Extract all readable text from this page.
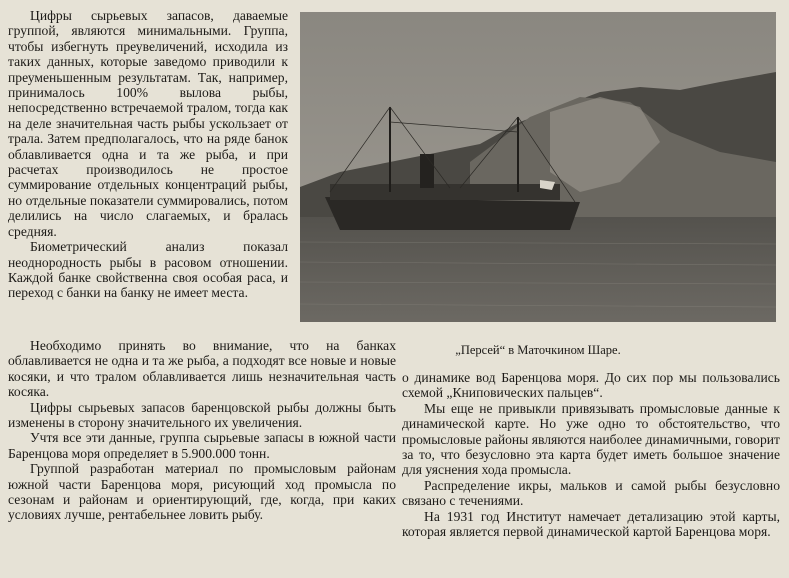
Цифры сырьевых запасов, даваемые группой, являются минимальными. Группа, чтобы избегнуть преувеличений, исходила из таких данных, которые заведомо приводили к преуменьшенным результатам. Так, например, принималось 100% вылова рыбы, непосредственно встречаемой тралом, тогда как на деле значительная часть рыбы ускользает от трала. Затем предполагалось, что на ряде банок облавливается одна и та же рыба, и при расчетах производилось не простое суммирование отдельных концентраций рыбы, но отдельные показатели суммировались, потом делились на число слагаемых, и бралась средняя.

Биометрический анализ показал неоднородность рыбы в расовом отношении. Каждой банке свойственна своя особая раса, и переход с банки на банку не имеет места.

„Персей“ в Маточкином Шаре.

Необходимо принять во внимание, что на банках облавливается не одна и та же рыба, а подходят все новые и новые косяки, и что тралом облавливается лишь незначительная часть косяка.

Цифры сырьевых запасов баренцовской рыбы должны быть изменены в сторону значительного их увеличения.

Учтя все эти данные, группа сырьевые запасы в южной части Баренцова моря определяет в 5.900.000 тонн.

Группой разработан материал по промысловым районам южной части Баренцова моря, рисующий ход промысла по сезонам и районам и ориентирующий, где, когда, при каких условиях лучше, рентабельнее ловить рыбу.

о динамике вод Баренцова моря. До сих пор мы пользовались схемой „Книповических пальцев“.

Мы еще не привыкли привязывать промысловые данные к динамической карте. Но уже одно то обстоятельство, что промысловые районы являются наиболее динамичными, говорит за то, что безусловно эта карта будет иметь большое значение для уяснения хода промысла.

Распределение икры, мальков и самой рыбы безусловно связано с течениями.

На 1931 год Институт намечает детализацию этой карты, которая является первой динамической картой Баренцова моря.
